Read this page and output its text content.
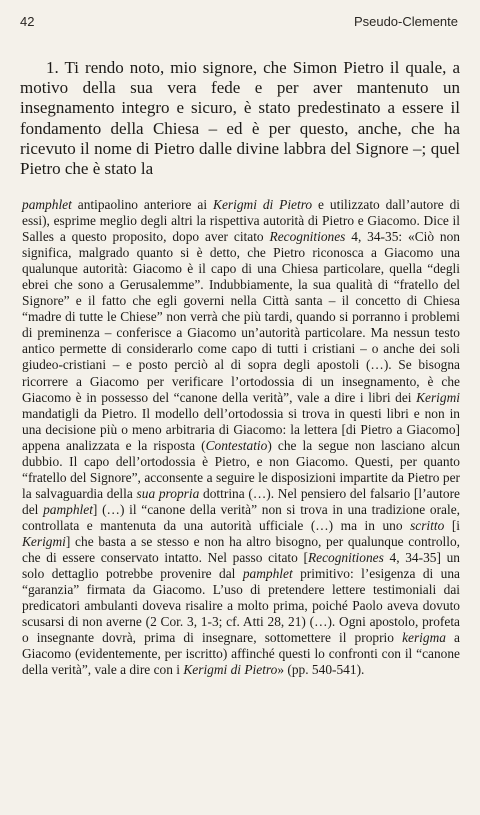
42	Pseudo-Clemente

1. Ti rendo noto, mio signore, che Simon Pietro il quale, a motivo della sua vera fede e per aver mantenuto un insegnamento integro e sicuro, è stato predestinato a essere il fondamento della Chiesa – ed è per questo, anche, che ha ricevuto il nome di Pietro dalle divine labbra del Signore –; quel Pietro che è stato la

pamphlet antipaolino anteriore ai Kerigmi di Pietro e utilizzato dall’autore di essi), esprime meglio degli altri la rispettiva autorità di Pietro e Giacomo. Dice il Salles a questo proposito, dopo aver citato Recognitiones 4, 34-35: «Ciò non significa, malgrado quanto si è detto, che Pietro riconosca a Giacomo una qualunque autorità: Giacomo è il capo di una Chiesa particolare, quella “degli ebrei che sono a Gerusalemme”. Indubbiamente, la sua qualità di “fratello del Signore” e il fatto che egli governi nella Città santa – il concetto di Chiesa “madre di tutte le Chiese” non verrà che più tardi, quando si porranno i problemi di preminenza – conferisce a Giacomo un’autorità particolare. Ma nessun testo antico permette di considerarlo come capo di tutti i cristiani – o anche dei soli giudeo-cristiani – e posto perciò al di sopra degli apostoli (…). Se bisogna ricorrere a Giacomo per verificare l’ortodossia di un insegnamento, è che Giacomo è in possesso del “canone della verità”, vale a dire i libri dei Kerigmi mandatigli da Pietro. Il modello dell’ortodossia si trova in questi libri e non in una decisione più o meno arbitraria di Giacomo: la lettera [di Pietro a Giacomo] appena analizzata e la risposta (Contestatio) che la segue non lasciano alcun dubbio. Il capo dell’ortodossia è Pietro, e non Giacomo. Questi, per quanto “fratello del Signore”, acconsente a seguire le disposizioni impartite da Pietro per la salvaguardia della sua propria dottrina (…). Nel pensiero del falsario [l’autore del pamphlet] (…) il “canone della verità” non si trova in una tradizione orale, controllata e mantenuta da una autorità ufficiale (…) ma in uno scritto [i Kerigmi] che basta a se stesso e non ha altro bisogno, per qualunque controllo, che di essere conservato intatto. Nel passo citato [Recognitiones 4, 34-35] un solo dettaglio potrebbe provenire dal pamphlet primitivo: l’esigenza di una “garanzia” firmata da Giacomo. L’uso di pretendere lettere testimoniali dai predicatori ambulanti doveva risalire a molto prima, poiché Paolo aveva dovuto scusarsi di non averne (2 Cor. 3, 1-3; cf. Atti 28, 21) (…). Ogni apostolo, profeta o insegnante dovrà, prima di insegnare, sottomettere il proprio kerigma a Giacomo (evidentemente, per iscritto) affinché questi lo confronti con il “canone della verità”, vale a dire con i Kerigmi di Pietro» (pp. 540-541).
